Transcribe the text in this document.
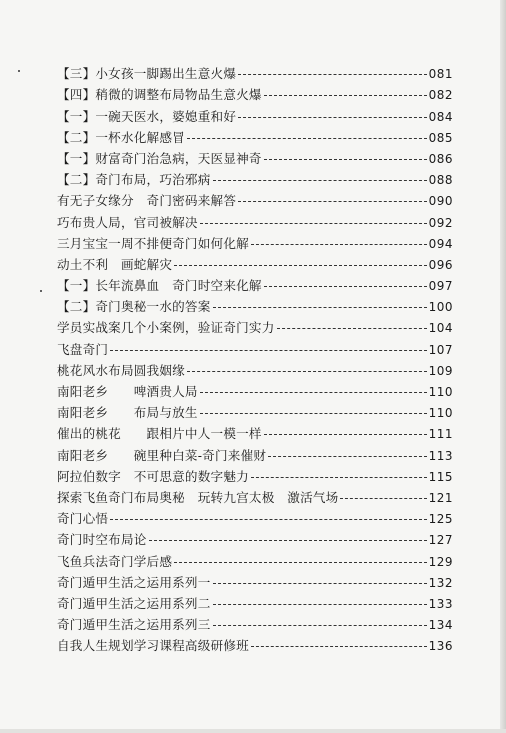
【三】小女孩一脚踢出生意火爆	081
【四】稍微的调整布局物品生意火爆	082
【一】一碗天医水，婆媳重和好	084
【二】一杯水化解感冒	085
【一】财富奇门治急病，天医显神奇	086
【二】奇门布局，巧治邪病	088
有无子女缘分　奇门密码来解答	090
巧布贵人局，官司被解决	092
三月宝宝一周不排便奇门如何化解	094
动土不利　画蛇解灾	096
【一】长年流鼻血　奇门时空来化解	097
【二】奇门奥秘一水的答案	100
学员实战案几个小案例，验证奇门实力	104
飞盘奇门	107
桃花风水布局圆我姻缘	109
南阳老乡　　啤酒贵人局	110
南阳老乡　　布局与放生	110
催出的桃花　　跟相片中人一模一样	111
南阳老乡　　碗里种白菜-奇门来催财	113
阿拉伯数字　不可思意的数字魅力	115
探索飞鱼奇门布局奥秘　玩转九宫太极　激活气场	121
奇门心悟	125
奇门时空布局论	127
飞鱼兵法奇门学后感	129
奇门遁甲生活之运用系列一	132
奇门遁甲生活之运用系列二	133
奇门遁甲生活之运用系列三	134
自我人生规划学习课程高级研修班	136
